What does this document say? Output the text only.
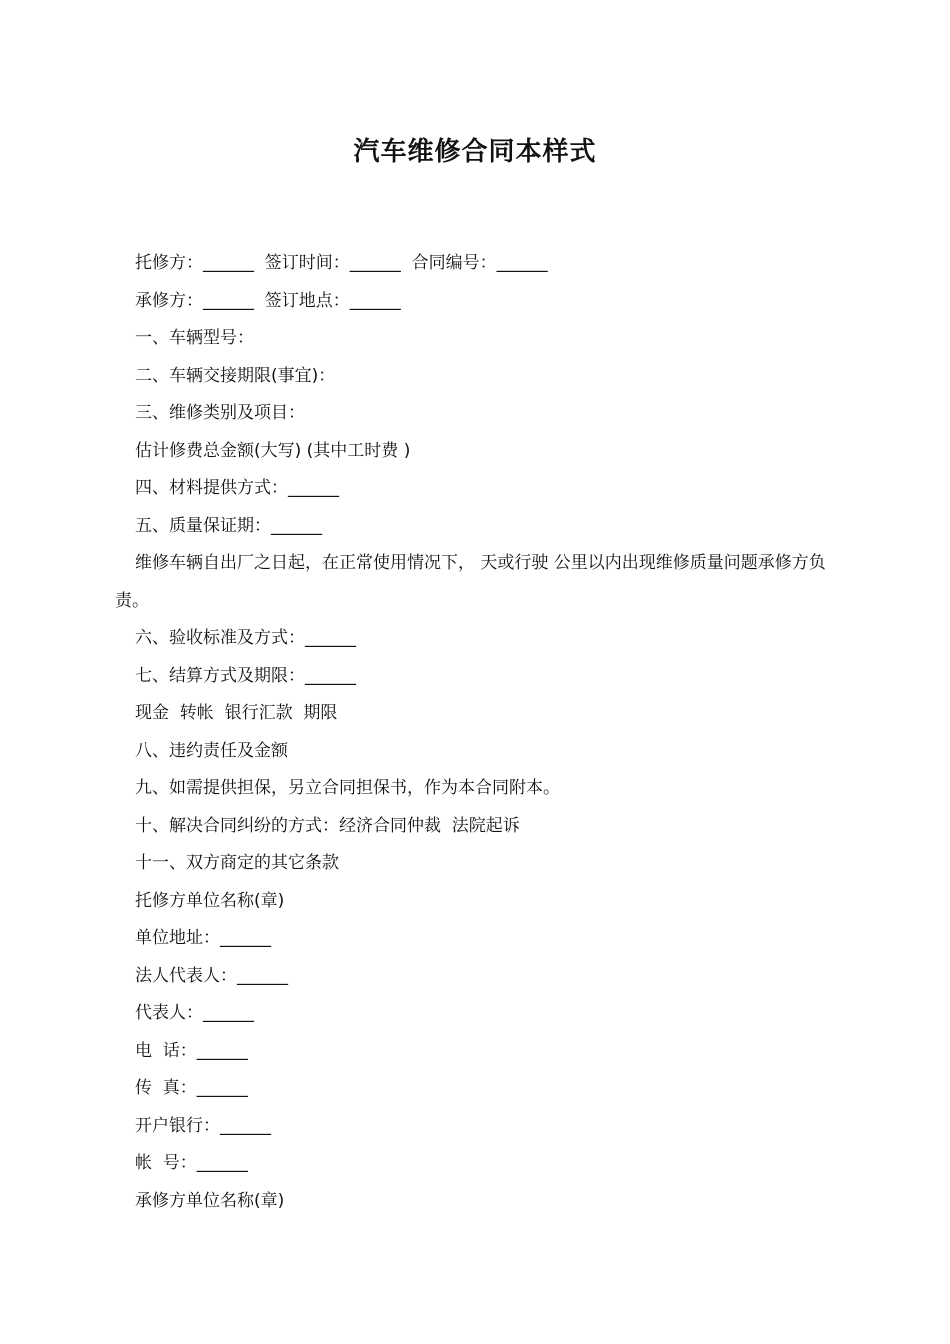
汽车维修合同本样式
托修方：______  签订时间：______  合同编号：______
承修方：______  签订地点：______
一、车辆型号：
二、车辆交接期限(事宜)：
三、维修类别及项目：
估计修费总金额(大写) (其中工时费 )
四、材料提供方式：______
五、质量保证期：______
维修车辆自出厂之日起，在正常使用情况下， 天或行驶 公里以内出现维修质量问题承修方负责。
六、验收标准及方式：______
七、结算方式及期限：______
现金  转帐  银行汇款  期限
八、违约责任及金额
九、如需提供担保，另立合同担保书，作为本合同附本。
十、解决合同纠纷的方式：经济合同仲裁  法院起诉
十一、双方商定的其它条款
托修方单位名称(章)
单位地址：______
法人代表人：______
代表人：______
电  话：______
传  真：______
开户银行：______
帐  号：______
承修方单位名称(章)
